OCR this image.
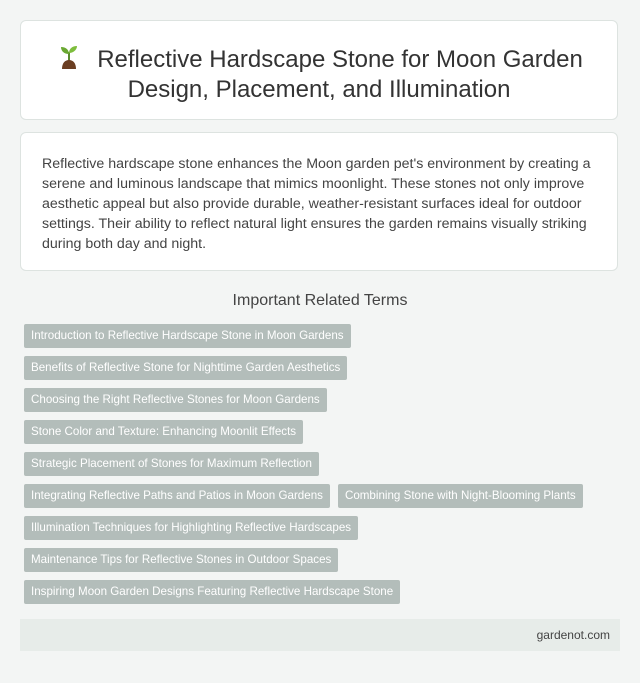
Reflective Hardscape Stone for Moon Garden
Design, Placement, and Illumination
Reflective hardscape stone enhances the Moon garden pet's environment by creating a serene and luminous landscape that mimics moonlight. These stones not only improve aesthetic appeal but also provide durable, weather-resistant surfaces ideal for outdoor settings. Their ability to reflect natural light ensures the garden remains visually striking during both day and night.
Important Related Terms
Introduction to Reflective Hardscape Stone in Moon Gardens
Benefits of Reflective Stone for Nighttime Garden Aesthetics
Choosing the Right Reflective Stones for Moon Gardens
Stone Color and Texture: Enhancing Moonlit Effects
Strategic Placement of Stones for Maximum Reflection
Integrating Reflective Paths and Patios in Moon Gardens	Combining Stone with Night-Blooming Plants
Illumination Techniques for Highlighting Reflective Hardscapes
Maintenance Tips for Reflective Stones in Outdoor Spaces
Inspiring Moon Garden Designs Featuring Reflective Hardscape Stone
gardenot.com
